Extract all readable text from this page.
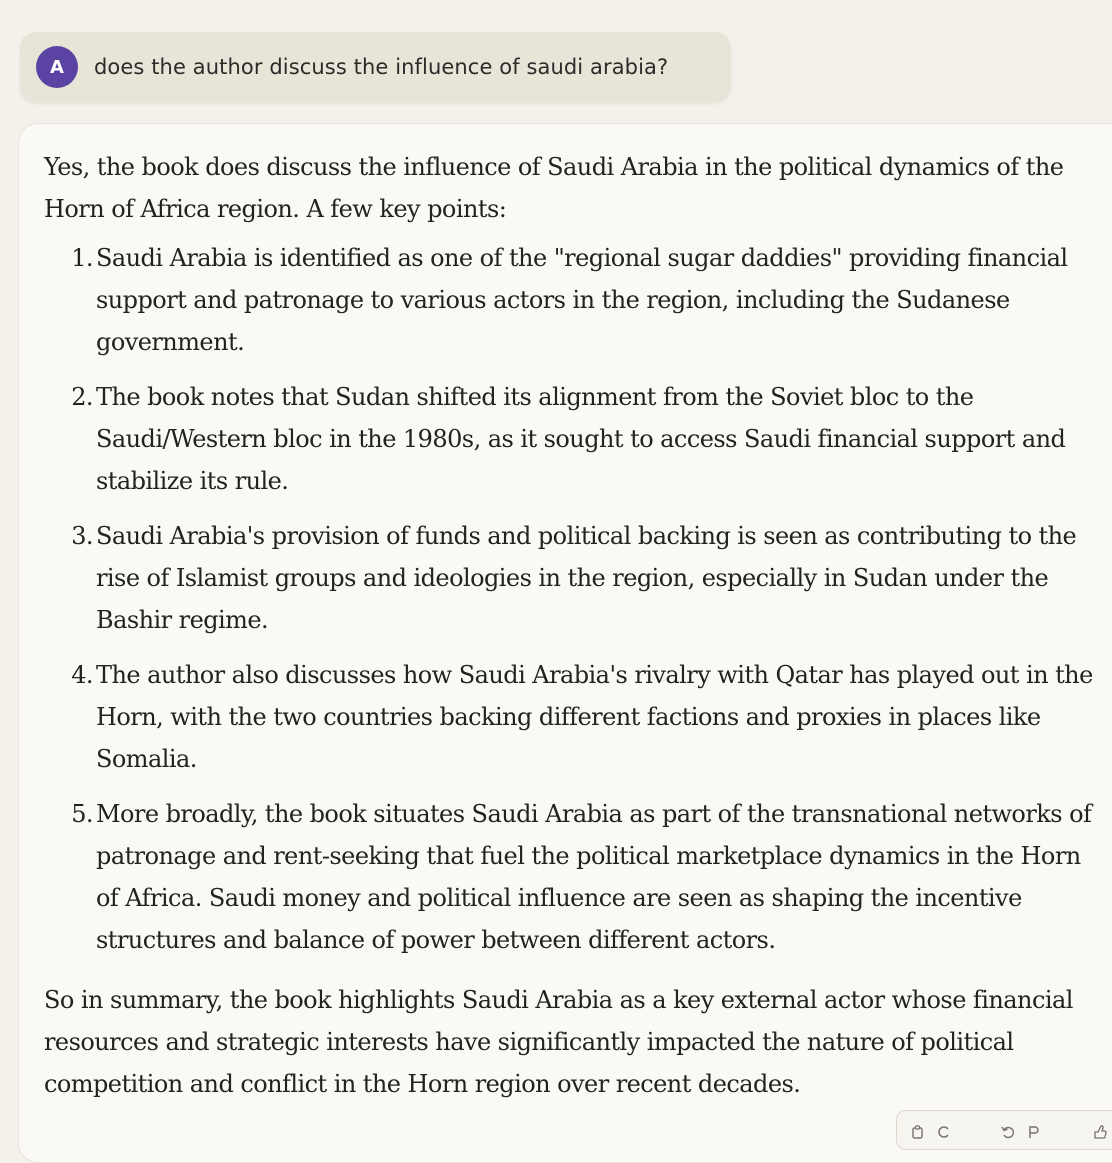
A	does the author discuss the influence of saudi arabia?

Yes, the book does discuss the influence of Saudi Arabia in the political dynamics of the

Horn of Africa region. A few key points:

1. Saudi Arabia is identified as one of the "regional sugar daddies" providing financial
support and patronage to various actors in the region, including the Sudanese
government.
2. The book notes that Sudan shifted its alignment from the Soviet bloc to the
Saudi/Western bloc in the 1980s, as it sought to access Saudi financial support and
stabilize its rule.
3. Saudi Arabia's provision of funds and political backing is seen as contributing to the
rise of Islamist groups and ideologies in the region, especially in Sudan under the
Bashir regime.
4. The author also discusses how Saudi Arabia's rivalry with Qatar has played out in the
Horn, with the two countries backing different factions and proxies in places like
Somalia.
5. More broadly, the book situates Saudi Arabia as part of the transnational networks of
patronage and rent-seeking that fuel the political marketplace dynamics in the Horn
of Africa. Saudi money and political influence are seen as shaping the incentive
structures and balance of power between different actors.

So in summary, the book highlights Saudi Arabia as a key external actor whose financial

resources and strategic interests have significantly impacted the nature of political

competition and conflict in the Horn region over recent decades.
